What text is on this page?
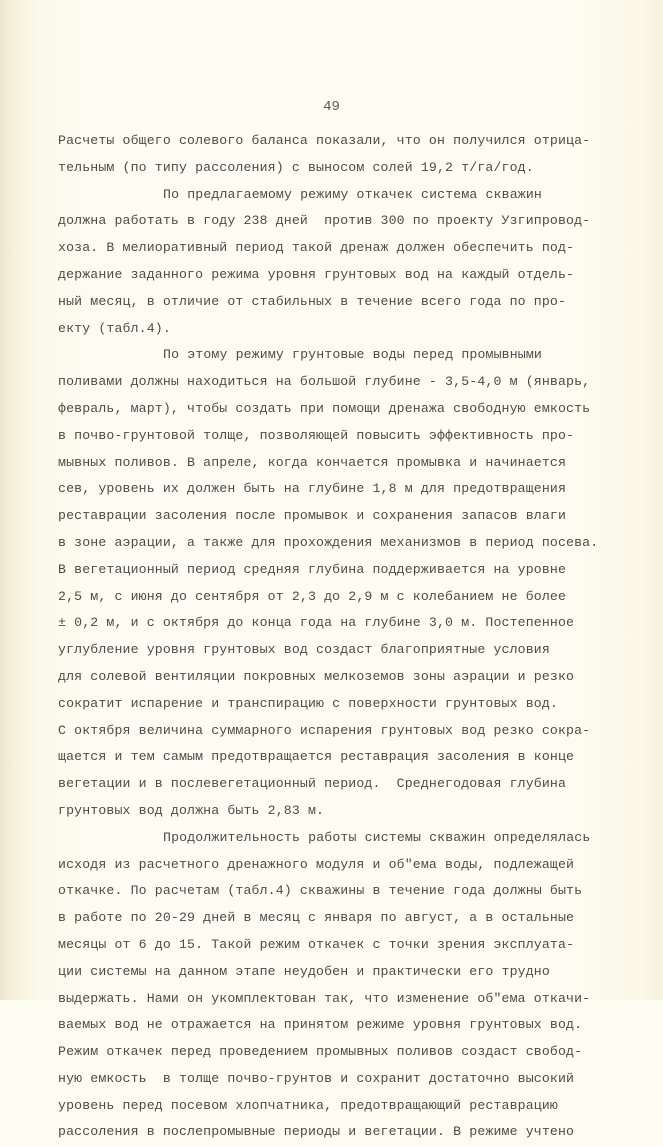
49
Расчеты общего солевого баланса показали, что он получился отрица-
тельным (по типу рассоления) с выносом солей 19,2 т/га/год.
По предлагаемому режиму откачек система скважин
должна работать в году 238 дней  против 300 по проекту Узгипровод-
хоза. В мелиоративный период такой дренаж должен обеспечить под-
держание заданного режима уровня грунтовых вод на каждый отдель-
ный месяц, в отличие от стабильных в течение всего года по про-
екту (табл.4).
По этому режиму грунтовые воды перед промывными
поливами должны находиться на большой глубине - 3,5-4,0 м (январь,
февраль, март), чтобы создать при помощи дренажа свободную емкость
в почво-грунтовой толще, позволяющей повысить эффективность про-
мывных поливов. В апреле, когда кончается промывка и начинается
сев, уровень их должен быть на глубине 1,8 м для предотвращения
реставрации засоления после промывок и сохранения запасов влаги
в зоне аэрации, а также для прохождения механизмов в период посева.
В вегетационный период средняя глубина поддерживается на уровне
2,5 м, с июня до сентября от 2,3 до 2,9 м с колебанием не более
± 0,2 м, и с октября до конца года на глубине 3,0 м. Постепенное
углубление уровня грунтовых вод создаст благоприятные условия
для солевой вентиляции покровных мелкоземов зоны аэрации и резко
сократит испарение и транспирацию с поверхности грунтовых вод.
С октября величина суммарного испарения грунтовых вод резко сокра-
щается и тем самым предотвращается реставрация засоления в конце
вегетации и в послевегетационный период.  Среднегодовая глубина
грунтовых вод должна быть 2,83 м.
Продолжительность работы системы скважин определялась
исходя из расчетного дренажного модуля и об"ема воды, подлежащей
откачке. По расчетам (табл.4) скважины в течение года должны быть
в работе по 20-29 дней в месяц с января по август, а в остальные
месяцы от 6 до 15. Такой режим откачек с точки зрения эксплуата-
ции системы на данном этапе неудобен и практически его трудно
выдержать. Нами он укомплектован так, что изменение об"ема откачи-
ваемых вод не отражается на принятом режиме уровня грунтовых вод.
Режим откачек перед проведением промывных поливов создаст свобод-
ную емкость  в толще почво-грунтов и сохранит достаточно высокий
уровень перед посевом хлопчатника, предотвращающий реставрацию
рассоления в послепромывные периоды и вегетации. В режиме учтено
